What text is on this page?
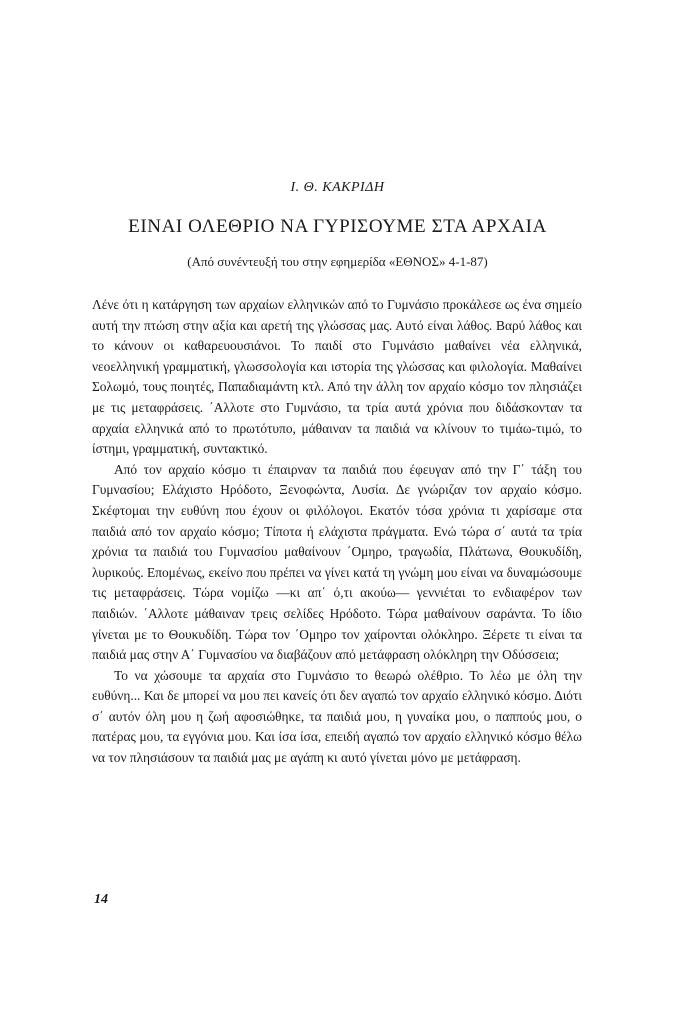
Ι. Θ. ΚΑΚΡΙΔΗ
ΕΙΝΑΙ ΟΛΕΘΡΙΟ ΝΑ ΓΥΡΙΣΟΥΜΕ ΣΤΑ ΑΡΧΑΙΑ
(Από συνέντευξή του στην εφημερίδα «ΕΘΝΟΣ» 4-1-87)

Λένε ότι η κατάργηση των αρχαίων ελληνικών από το Γυμνάσιο προκάλεσε ως ένα σημείο αυτή την πτώση στην αξία και αρετή της γλώσσας μας. Αυτό είναι λάθος. Βαρύ λάθος και το κάνουν οι καθαρευουσιάνοι. Το παιδί στο Γυμνάσιο μαθαίνει νέα ελληνικά, νεοελληνική γραμματική, γλωσσολογία και ιστορία της γλώσσας και φιλολογία. Μαθαίνει Σολωμό, τους ποιητές, Παπαδιαμάντη κτλ. Από την άλλη τον αρχαίο κόσμο τον πλησιάζει με τις μεταφράσεις. ΄Αλλοτε στο Γυμνάσιο, τα τρία αυτά χρόνια που διδάσκονταν τα αρχαία ελληνικά από το πρωτότυπο, μάθαιναν τα παιδιά να κλίνουν το τιμάω-τιμώ, το ίστημι, γραμματική, συντακτικό.

Από τον αρχαίο κόσμο τι έπαιρναν τα παιδιά που έφευγαν από την Γ΄ τάξη του Γυμνασίου; Ελάχιστο Ηρόδοτο, Ξενοφώντα, Λυσία. Δε γνώριζαν τον αρχαίο κόσμο. Σκέφτομαι την ευθύνη που έχουν οι φιλόλογοι. Εκατόν τόσα χρόνια τι χαρίσαμε στα παιδιά από τον αρχαίο κόσμο; Τίποτα ή ελάχιστα πράγματα. Ενώ τώρα σ΄ αυτά τα τρία χρόνια τα παιδιά του Γυμνασίου μαθαίνουν ΄Ομηρο, τραγωδία, Πλάτωνα, Θουκυδίδη, λυρικούς. Επομένως, εκείνο που πρέπει να γίνει κατά τη γνώμη μου είναι να δυναμώσουμε τις μεταφράσεις. Τώρα νομίζω —κι απ΄ ό,τι ακούω— γεννιέται το ενδιαφέρον των παιδιών. ΄Αλλοτε μάθαιναν τρεις σελίδες Ηρόδοτο. Τώρα μαθαίνουν σαράντα. Το ίδιο γίνεται με το Θουκυδίδη. Τώρα τον ΄Ομηρο τον χαίρονται ολόκληρο. Ξέρετε τι είναι τα παιδιά μας στην Α΄ Γυμνασίου να διαβάζουν από μετάφραση ολόκληρη την Οδύσσεια;

Το να χώσουμε τα αρχαία στο Γυμνάσιο το θεωρώ ολέθριο. Το λέω με όλη την ευθύνη... Και δε μπορεί να μου πει κανείς ότι δεν αγαπώ τον αρχαίο ελληνικό κόσμο. Διότι σ΄ αυτόν όλη μου η ζωή αφοσιώθηκε, τα παιδιά μου, η γυναίκα μου, ο παππούς μου, ο πατέρας μου, τα εγγόνια μου. Και ίσα ίσα, επειδή αγαπώ τον αρχαίο ελληνικό κόσμο θέλω να τον πλησιάσουν τα παιδιά μας με αγάπη κι αυτό γίνεται μόνο με μετάφραση.

14
